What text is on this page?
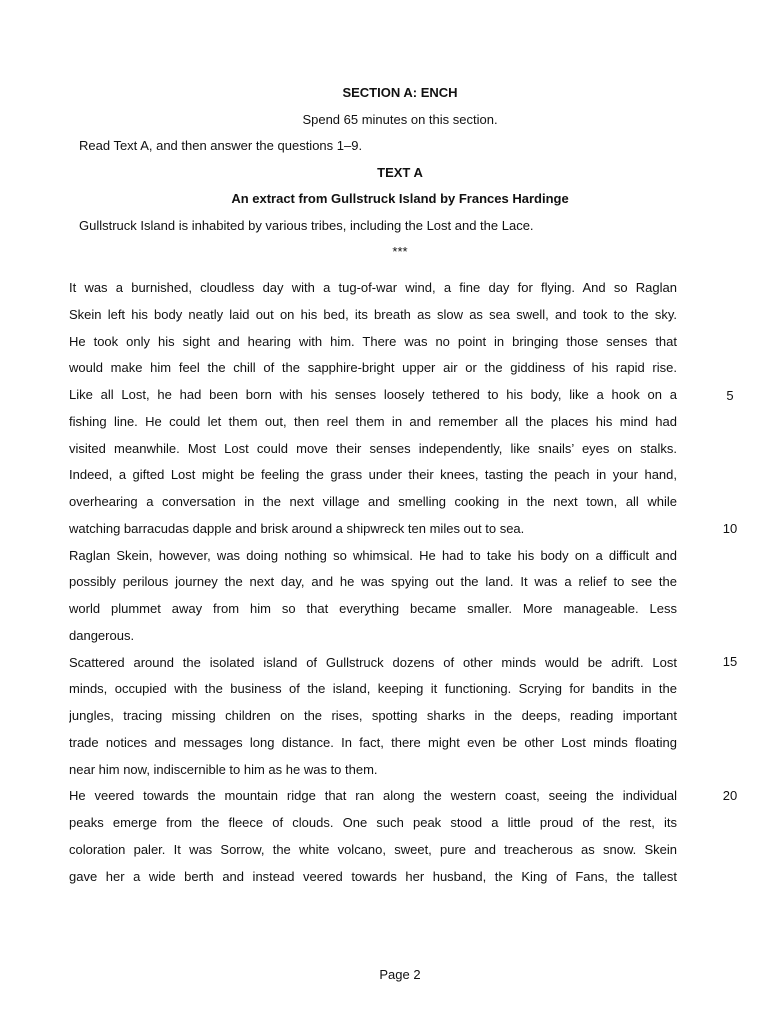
SECTION A: ENCH
Spend 65 minutes on this section.
Read Text A, and then answer the questions 1–9.
TEXT A
An extract from Gullstruck Island by Frances Hardinge
Gullstruck Island is inhabited by various tribes, including the Lost and the Lace.
***
It was a burnished, cloudless day with a tug-of-war wind, a fine day for flying. And so Raglan
Skein left his body neatly laid out on his bed, its breath as slow as sea swell, and took to the sky.
He took only his sight and hearing with him. There was no point in bringing those senses that
would make him feel the chill of the sapphire-bright upper air or the giddiness of his rapid rise.
Like all Lost, he had been born with his senses loosely tethered to his body, like a hook on a
fishing line. He could let them out, then reel them in and remember all the places his mind had
visited meanwhile. Most Lost could move their senses independently, like snails’ eyes on stalks.
Indeed, a gifted Lost might be feeling the grass under their knees, tasting the peach in your hand,
overhearing a conversation in the next village and smelling cooking in the next town, all while
watching barracudas dapple and brisk around a shipwreck ten miles out to sea.
Raglan Skein, however, was doing nothing so whimsical. He had to take his body on a difficult and
possibly perilous journey the next day, and he was spying out the land. It was a relief to see the
world plummet away from him so that everything became smaller. More manageable. Less
dangerous.
Scattered around the isolated island of Gullstruck dozens of other minds would be adrift. Lost
minds, occupied with the business of the island, keeping it functioning. Scrying for bandits in the
jungles, tracing missing children on the rises, spotting sharks in the deeps, reading important
trade notices and messages long distance. In fact, there might even be other Lost minds floating
near him now, indiscernible to him as he was to them.
He veered towards the mountain ridge that ran along the western coast, seeing the individual
peaks emerge from the fleece of clouds. One such peak stood a little proud of the rest, its
coloration paler. It was Sorrow, the white volcano, sweet, pure and treacherous as snow. Skein
gave her a wide berth and instead veered towards her husband, the King of Fans, the tallest
5
10
15
20
Page 2
